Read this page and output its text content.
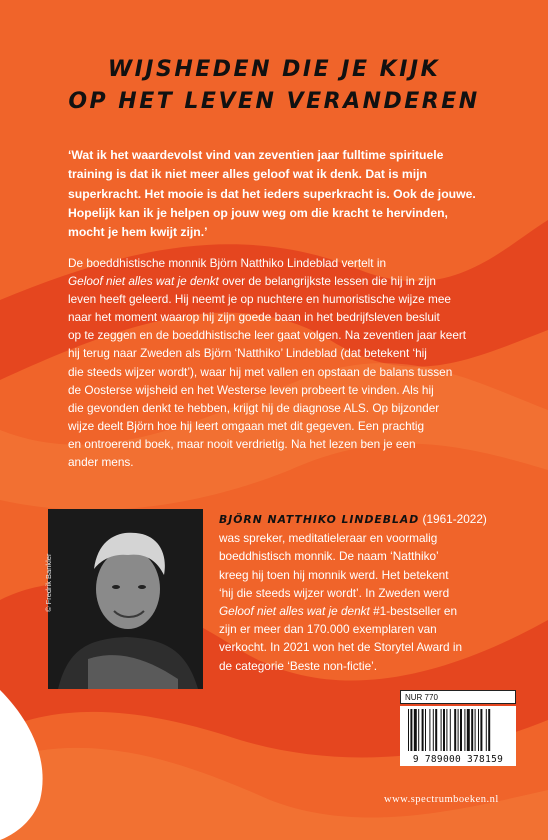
WIJSHEDEN DIE JE KIJK
OP HET LEVEN VERANDEREN
‘Wat ik het waardevolst vind van zeventien jaar fulltime spirituele
training is dat ik niet meer alles geloof wat ik denk. Dat is mijn
superkracht. Het mooie is dat het ieders superkracht is. Ook de jouwe.
Hopelijk kan ik je helpen op jouw weg om die kracht te hervinden,
mocht je hem kwijt zijn.’
De boeddhistische monnik Björn Natthiko Lindeblad vertelt in
Geloof niet alles wat je denkt over de belangrijkste lessen die hij in zijn
leven heeft geleerd. Hij neemt je op nuchtere en humoristische wijze mee
naar het moment waarop hij zijn goede baan in het bedrijfsleven besluit
op te zeggen en de boeddhistische leer gaat volgen. Na zeventien jaar keert
hij terug naar Zweden als Björn ‘Natthiko’ Lindeblad (dat betekent ‘hij
die steeds wijzer wordt’), waar hij met vallen en opstaan de balans tussen
de Oosterse wijsheid en het Westerse leven probeert te vinden. Als hij
die gevonden denkt te hebben, krijgt hij de diagnose ALS. Op bijzonder
wijze deelt Björn hoe hij leert omgaan met dit gegeven. Een prachtig
en ontroerend boek, maar nooit verdrietig. Na het lezen ben je een
ander mens.
© Fredrik Bankler
BJÖRN NATTHIKO LINDEBLAD (1961-2022)
was spreker, meditatieleraar en voormalig
boeddhistisch monnik. De naam ‘Natthiko’
kreeg hij toen hij monnik werd. Het betekent
‘hij die steeds wijzer wordt’. In Zweden werd
Geloof niet alles wat je denkt #1-bestseller en
zijn er meer dan 170.000 exemplaren van
verkocht. In 2021 won het de Storytel Award in
de categorie ‘Beste non-fictie’.
NUR 770
9 789000 378159
www.spectrumboeken.nl
